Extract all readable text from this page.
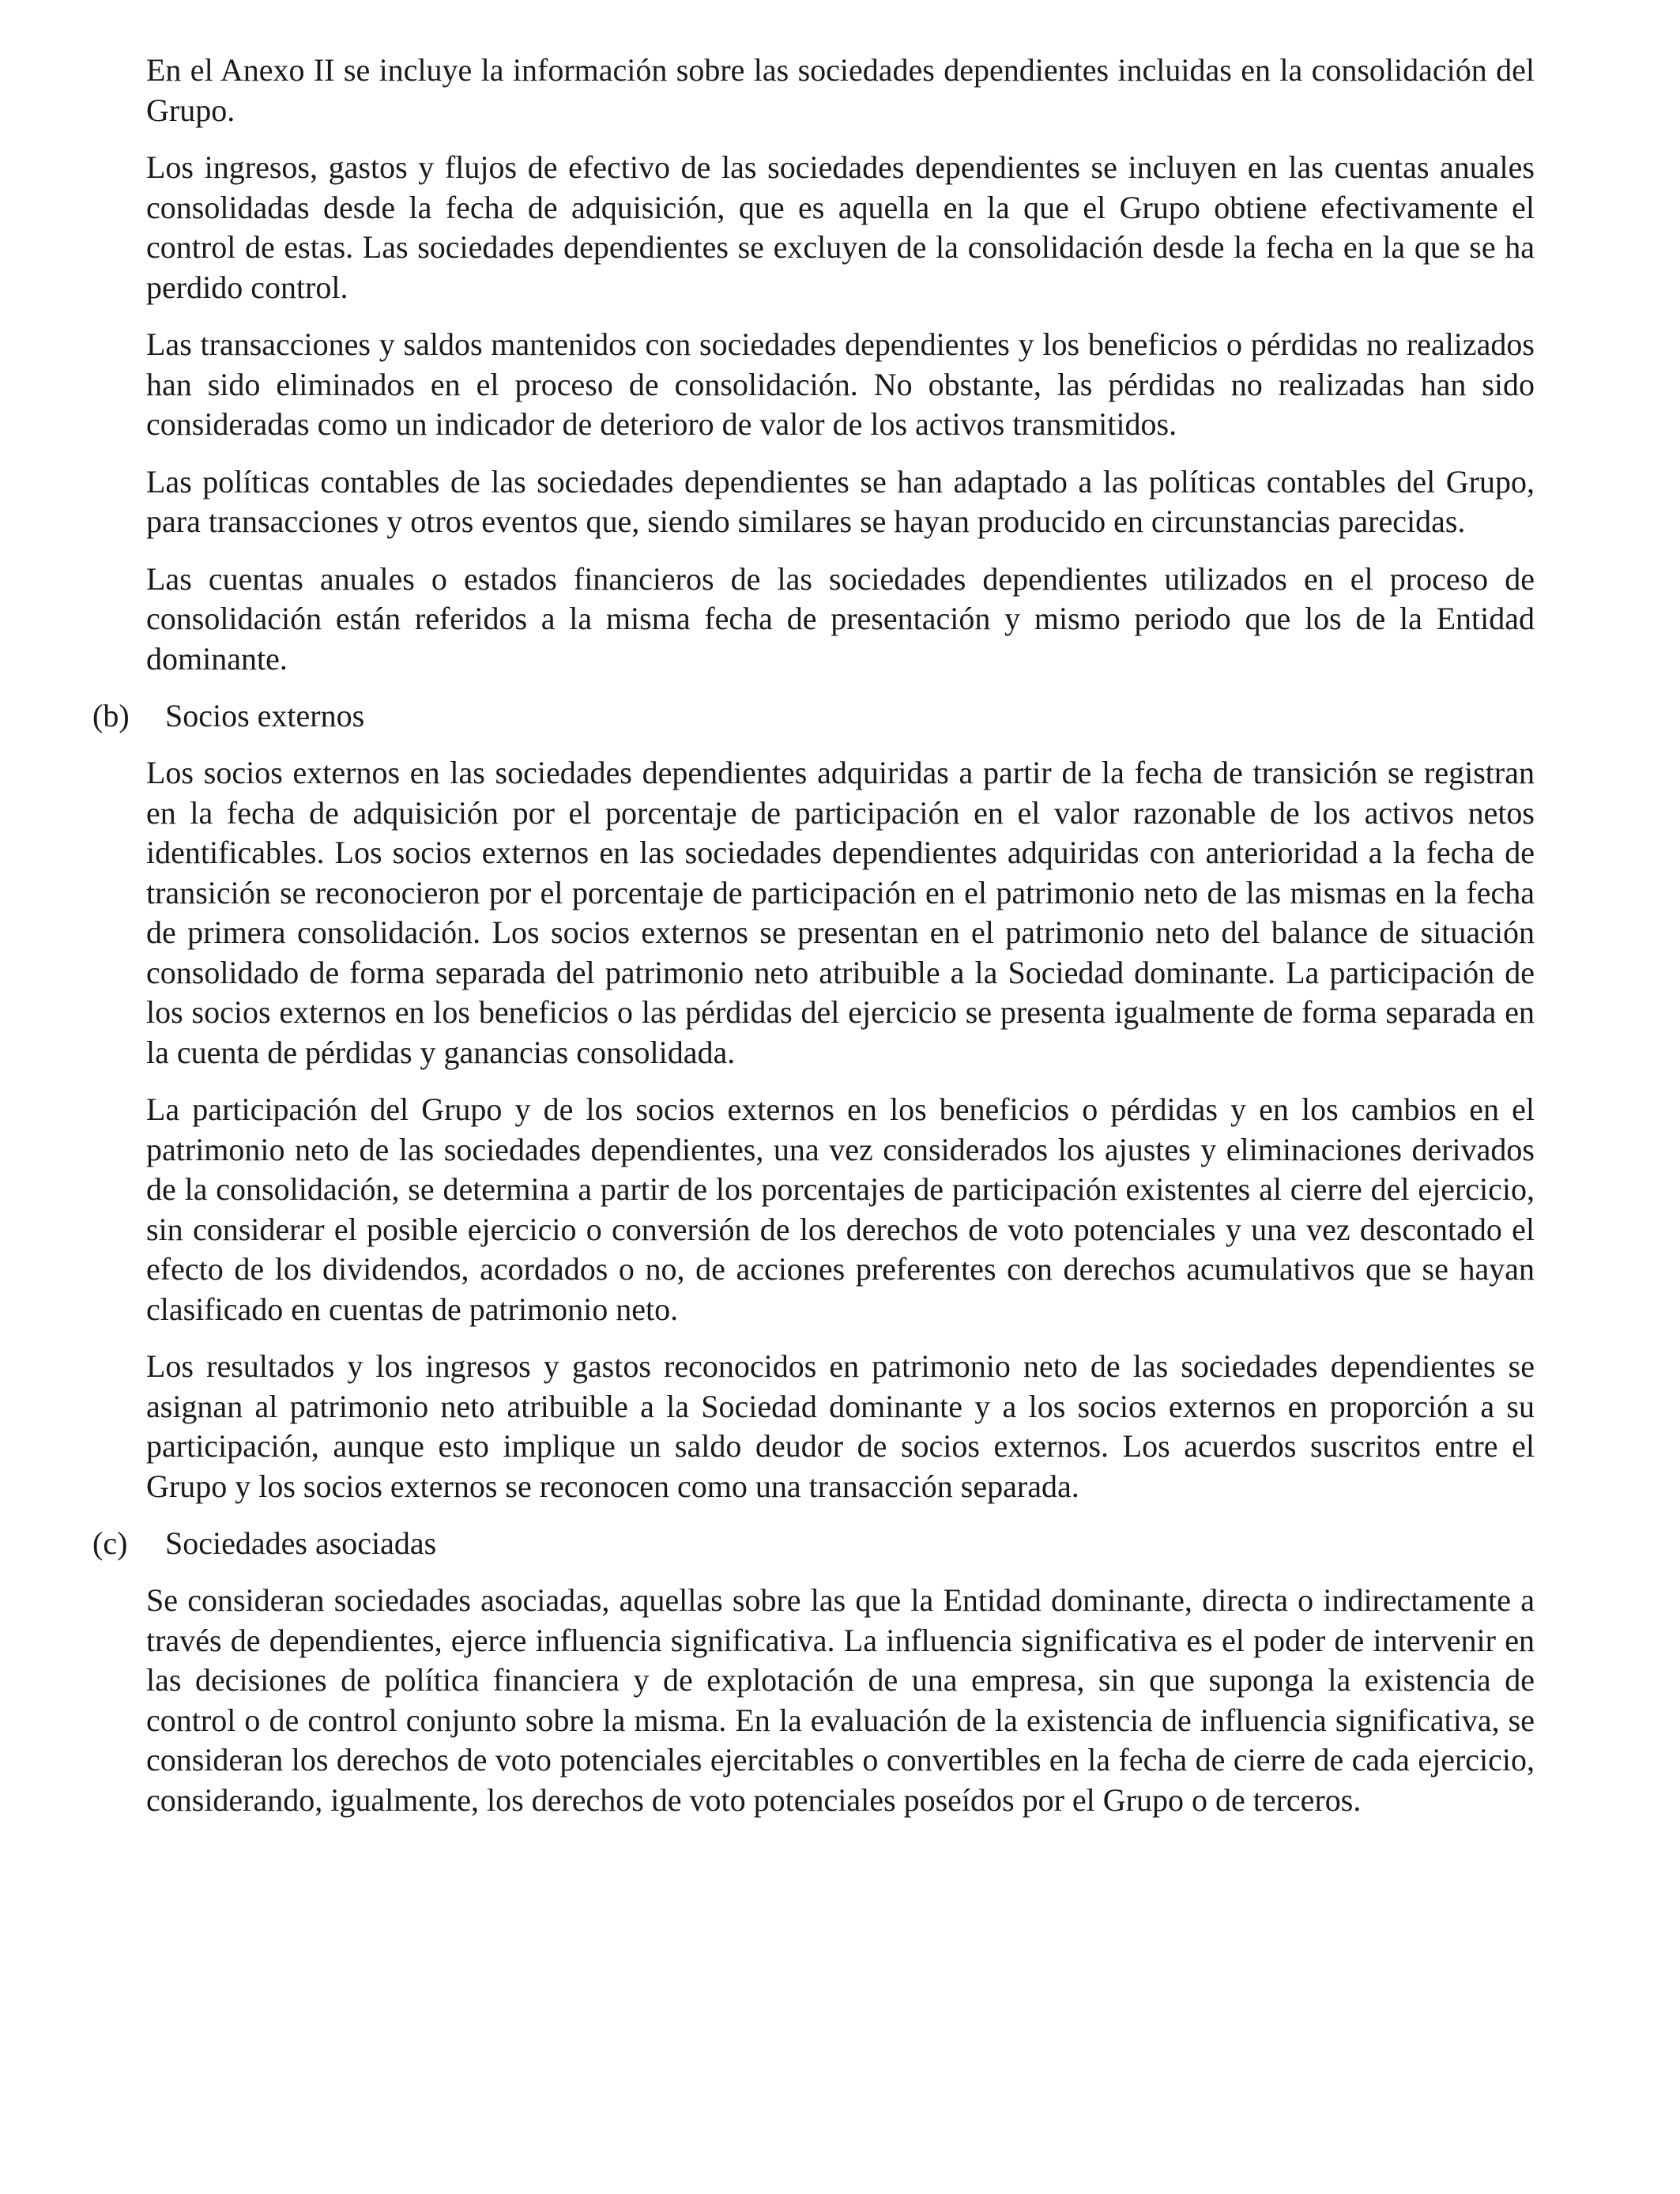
En el Anexo II se incluye la información sobre las sociedades dependientes incluidas en la consolidación del Grupo.

Los ingresos, gastos y flujos de efectivo de las sociedades dependientes se incluyen en las cuentas anuales consolidadas desde la fecha de adquisición, que es aquella en la que el Grupo obtiene efectivamente el control de estas. Las sociedades dependientes se excluyen de la consolidación desde la fecha en la que se ha perdido control.

Las transacciones y saldos mantenidos con sociedades dependientes y los beneficios o pérdidas no realizados han sido eliminados en el proceso de consolidación. No obstante, las pérdidas no realizadas han sido consideradas como un indicador de deterioro de valor de los activos transmitidos.

Las políticas contables de las sociedades dependientes se han adaptado a las políticas contables del Grupo, para transacciones y otros eventos que, siendo similares se hayan producido en circunstancias parecidas.

Las cuentas anuales o estados financieros de las sociedades dependientes utilizados en el proceso de consolidación están referidos a la misma fecha de presentación y mismo periodo que los de la Entidad dominante.

(b) Socios externos

Los socios externos en las sociedades dependientes adquiridas a partir de la fecha de transición se registran en la fecha de adquisición por el porcentaje de participación en el valor razonable de los activos netos identificables. Los socios externos en las sociedades dependientes adquiridas con anterioridad a la fecha de transición se reconocieron por el porcentaje de participación en el patrimonio neto de las mismas en la fecha de primera consolidación. Los socios externos se presentan en el patrimonio neto del balance de situación consolidado de forma separada del patrimonio neto atribuible a la Sociedad dominante. La participación de los socios externos en los beneficios o las pérdidas del ejercicio se presenta igualmente de forma separada en la cuenta de pérdidas y ganancias consolidada.

La participación del Grupo y de los socios externos en los beneficios o pérdidas y en los cambios en el patrimonio neto de las sociedades dependientes, una vez considerados los ajustes y eliminaciones derivados de la consolidación, se determina a partir de los porcentajes de participación existentes al cierre del ejercicio, sin considerar el posible ejercicio o conversión de los derechos de voto potenciales y una vez descontado el efecto de los dividendos, acordados o no, de acciones preferentes con derechos acumulativos que se hayan clasificado en cuentas de patrimonio neto.

Los resultados y los ingresos y gastos reconocidos en patrimonio neto de las sociedades dependientes se asignan al patrimonio neto atribuible a la Sociedad dominante y a los socios externos en proporción a su participación, aunque esto implique un saldo deudor de socios externos. Los acuerdos suscritos entre el Grupo y los socios externos se reconocen como una transacción separada.

(c) Sociedades asociadas

Se consideran sociedades asociadas, aquellas sobre las que la Entidad dominante, directa o indirectamente a través de dependientes, ejerce influencia significativa. La influencia significativa es el poder de intervenir en las decisiones de política financiera y de explotación de una empresa, sin que suponga la existencia de control o de control conjunto sobre la misma. En la evaluación de la existencia de influencia significativa, se consideran los derechos de voto potenciales ejercitables o convertibles en la fecha de cierre de cada ejercicio, considerando, igualmente, los derechos de voto potenciales poseídos por el Grupo o de terceros.
